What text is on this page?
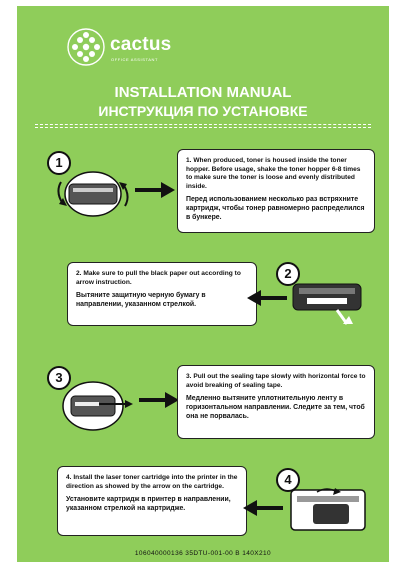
cactus
OFFICE ASSISTANT
INSTALLATION MANUAL
ИНСТРУКЦИЯ ПО УСТАНОВКЕ
1	1. When produced, toner is housed inside the toner hopper. Before usage, shake the toner hopper 6-8 times to make sure the toner is loose and evenly distributed inside.

Перед использованием несколько раз встряхните картридж, чтобы тонер равномерно распределился в бункере.

2. Make sure to pull the black paper out according to arrow instruction.

Вытяните защитную черную бумагу в направлении, указанном стрелкой.

2
3	3. Pull out the sealing tape slowly with horizontal force to avoid breaking of sealing tape.

Медленно вытяните уплотнительную ленту в горизонтальном направлении. Следите за тем, чтоб она не порвалась.

4. Install the laser toner cartridge into the printer in the direction as showed by the arrow on the cartridge.

Установите картридж в принтер в направлении, указанном стрелкой на картридже.

4
106040000136 35DTU-001-00 B 140X210
